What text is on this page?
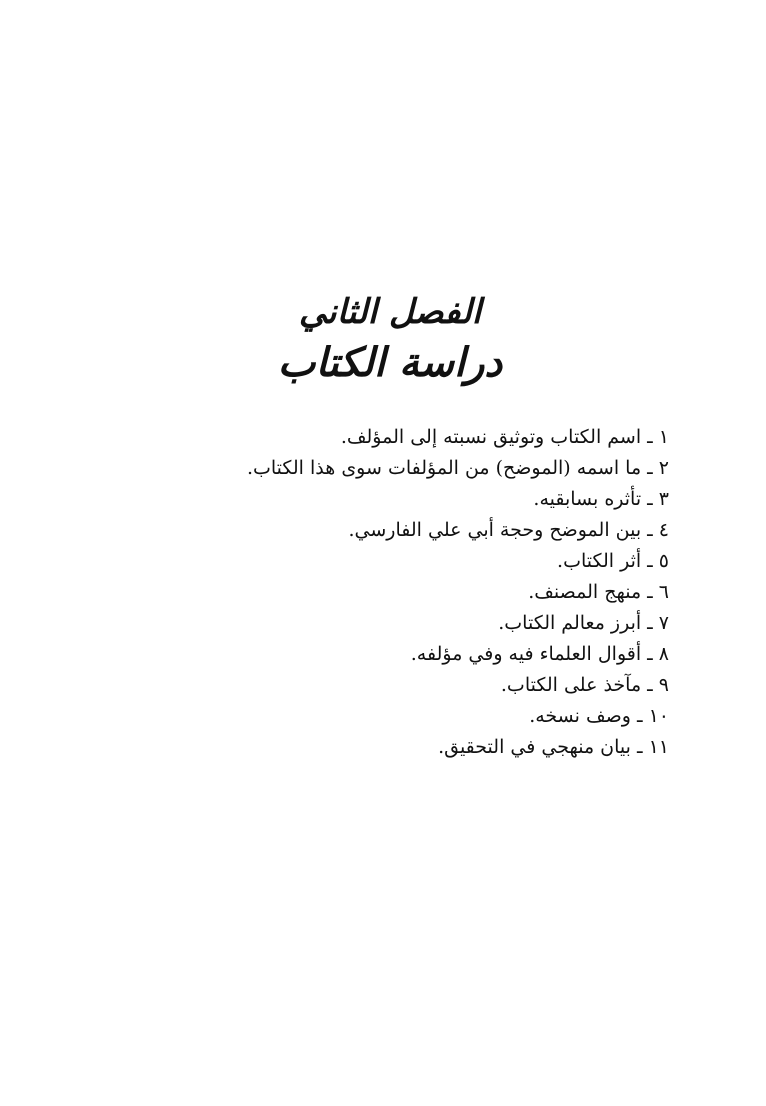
الفصل الثاني
دراسة الكتاب
١ ـ اسم الكتاب وتوثيق نسبته إلى المؤلف.
٢ ـ ما اسمه (الموضح) من المؤلفات سوى هذا الكتاب.
٣ ـ تأثره بسابقيه.
٤ ـ بين الموضح وحجة أبي علي الفارسي.
٥ ـ أثر الكتاب.
٦ ـ منهج المصنف.
٧ ـ أبرز معالم الكتاب.
٨ ـ أقوال العلماء فيه وفي مؤلفه.
٩ ـ مآخذ على الكتاب.
١٠ ـ وصف نسخه.
١١ ـ بيان منهجي في التحقيق.
